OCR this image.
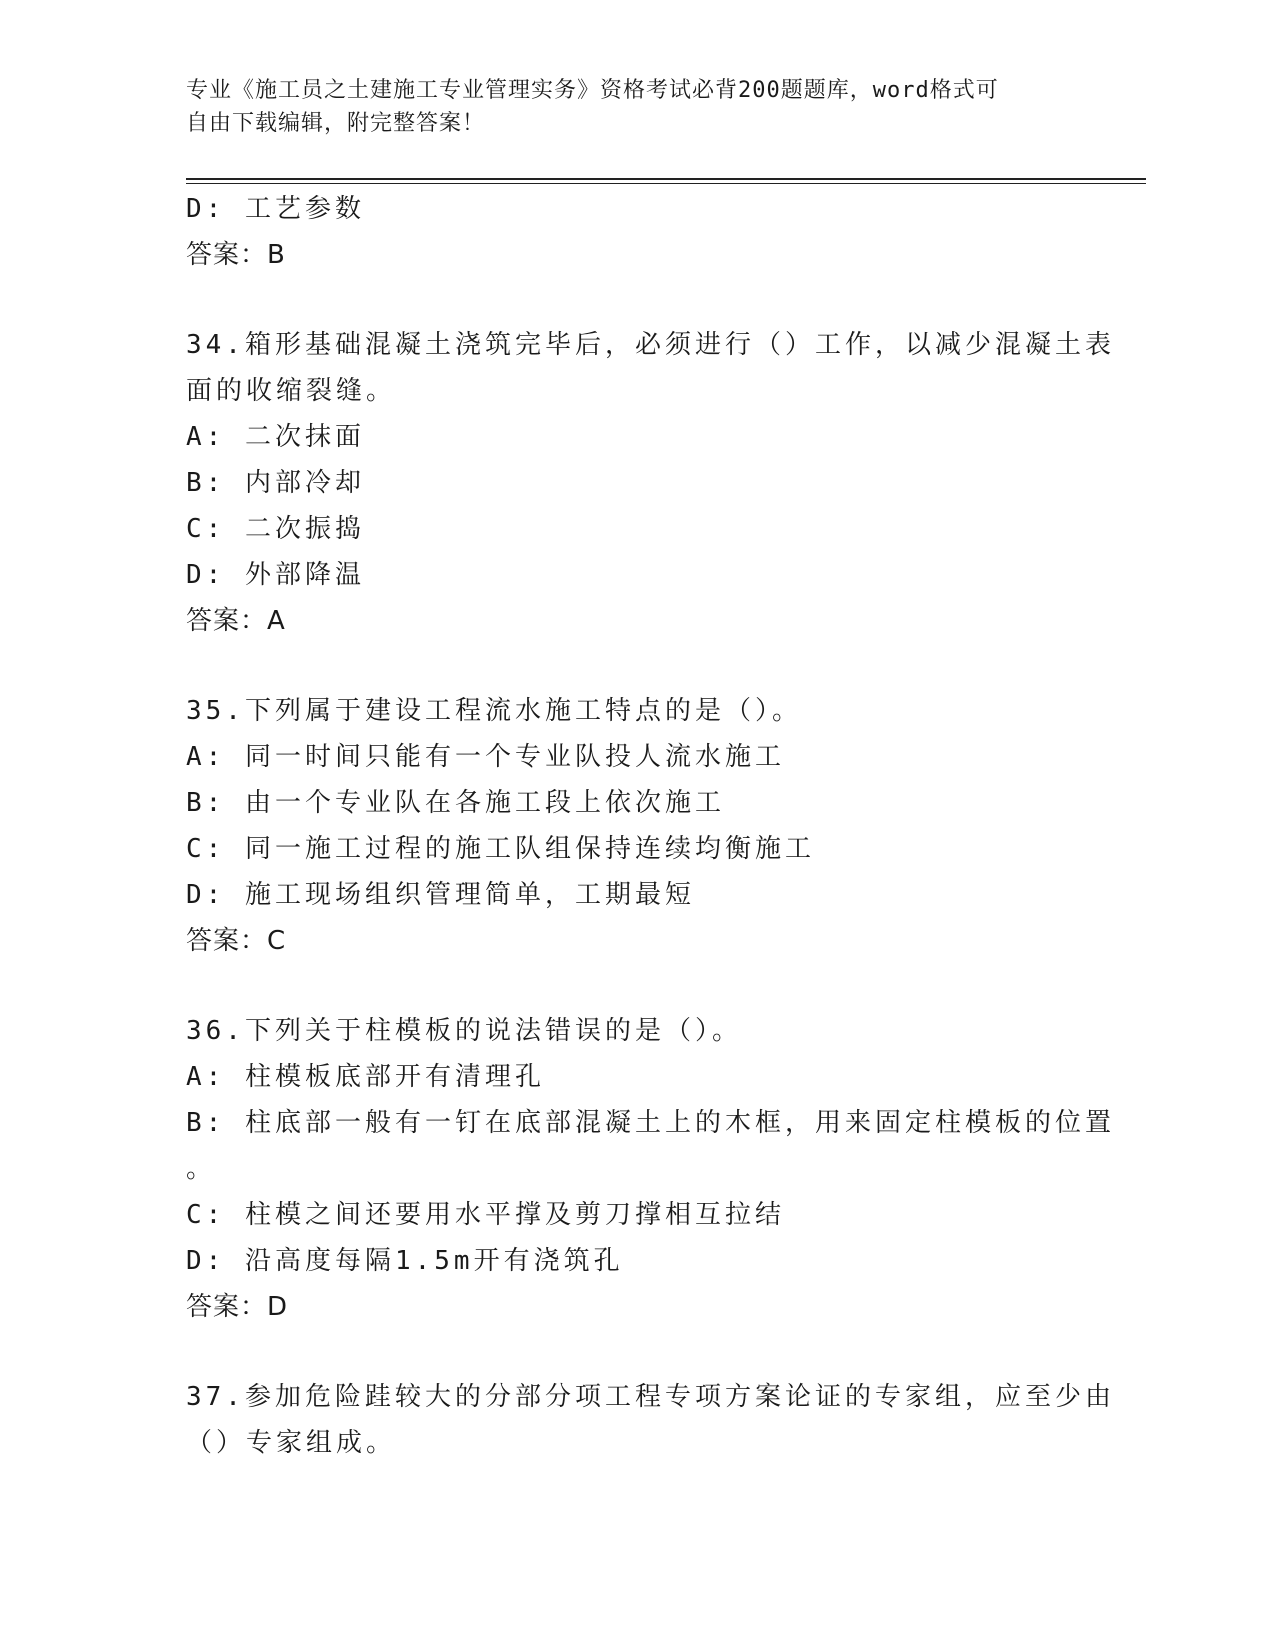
专业《施工员之土建施工专业管理实务》资格考试必背200题题库，word格式可
自由下载编辑，附完整答案！
D: 工艺参数
答案：B
34.箱形基础混凝土浇筑完毕后，必须进行（）工作，以减少混凝土表
面的收缩裂缝。
A: 二次抹面
B: 内部冷却
C: 二次振捣
D: 外部降温
答案：A
35.下列属于建设工程流水施工特点的是（）。
A: 同一时间只能有一个专业队投人流水施工
B: 由一个专业队在各施工段上依次施工
C: 同一施工过程的施工队组保持连续均衡施工
D: 施工现场组织管理简单，工期最短
答案：C
36.下列关于柱模板的说法错误的是（）。
A: 柱模板底部开有清理孔
B: 柱底部一般有一钉在底部混凝土上的木框，用来固定柱模板的位置
。
C: 柱模之间还要用水平撑及剪刀撑相互拉结
D: 沿高度每隔1.5m开有浇筑孔
答案：D
37.参加危险跬较大的分部分项工程专项方案论证的专家组，应至少由
（）专家组成。
